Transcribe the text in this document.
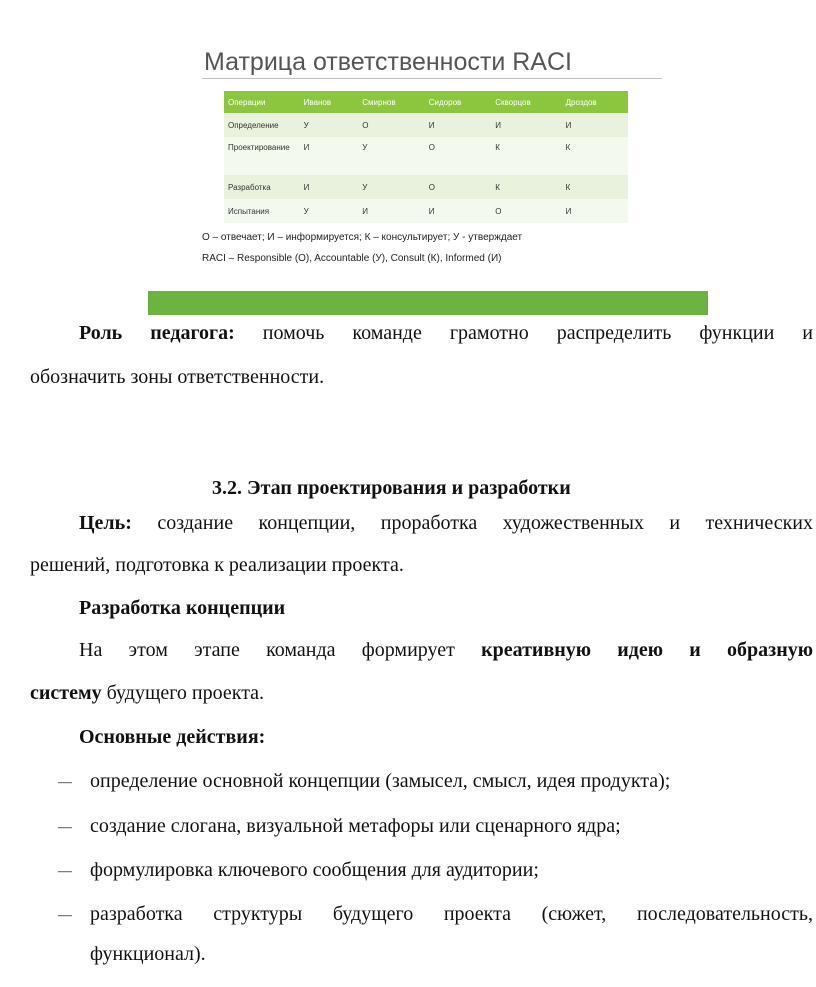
Матрица ответственности RACI
Операции	Иванов	Смирнов	Сидоров	Скворцов	Дроздов
Определение	У	О	И	И	И
Проектирование	И	У	О	К	К
Разработка	И	У	О	К	К
Испытания	У	И	И	О	И
О – отвечает; И – информируется; К – консультирует; У - утверждает
RACI – Responsible (О), Accountable (У), Consult (К), Informed (И)
Роль педагога: помочь команде грамотно распределить функции и
обозначить зоны ответственности.
3.2. Этап проектирования и разработки
Цель: создание концепции, проработка художественных и технических
решений, подготовка к реализации проекта.
Разработка концепции
На этом этапе команда формирует креативную идею и образную
систему будущего проекта.
Основные действия:
— определение основной концепции (замысел, смысл, идея продукта);
— создание слогана, визуальной метафоры или сценарного ядра;
— формулировка ключевого сообщения для аудитории;
— разработка структуры будущего проекта (сюжет, последовательность,
функционал).
